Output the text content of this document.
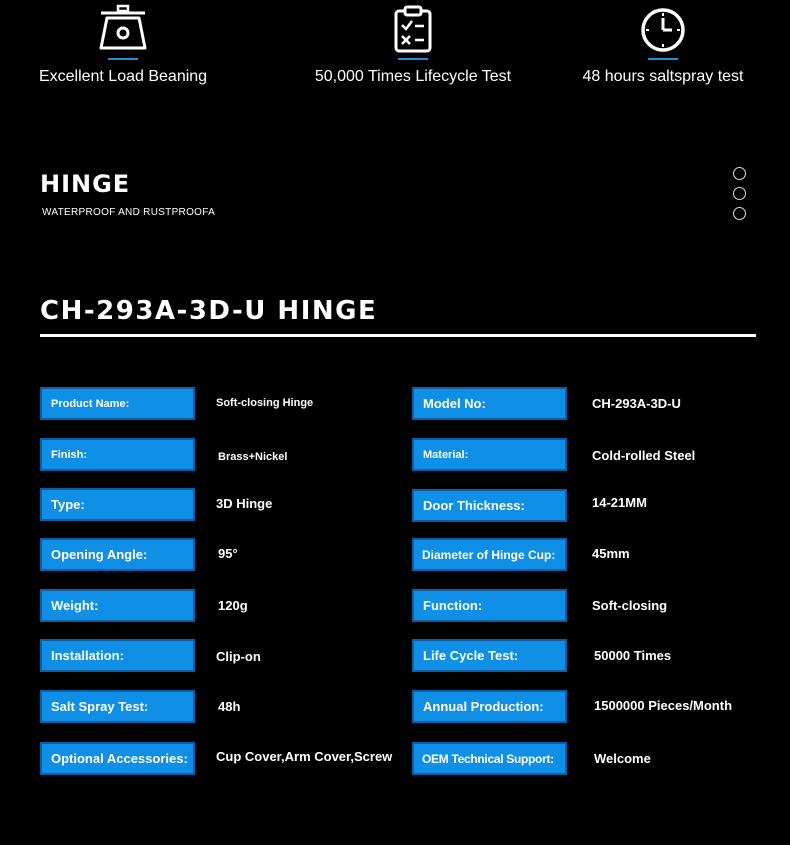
Excellent Load Beaning	50,000 Times Lifecycle Test	48 hours saltspray test
HINGE
WATERPROOF AND RUSTPROOFA
CH-293A-3D-U HINGE
Product Name:	Soft-closing Hinge	Model No:	CH-293A-3D-U
Finish:	Brass+Nickel	Material:	Cold-rolled Steel
Type:	3D Hinge	Door Thickness:	14-21MM
Opening Angle:	95°	Diameter of Hinge Cup:	45mm
Weight:	120g	Function:	Soft-closing
Installation:	Clip-on	Life Cycle Test:	50000 Times
Salt Spray Test:	48h	Annual Production:	1500000 Pieces/Month
Optional Accessories:	Cup Cover,Arm Cover,Screw	OEM Technical Support:	Welcome
